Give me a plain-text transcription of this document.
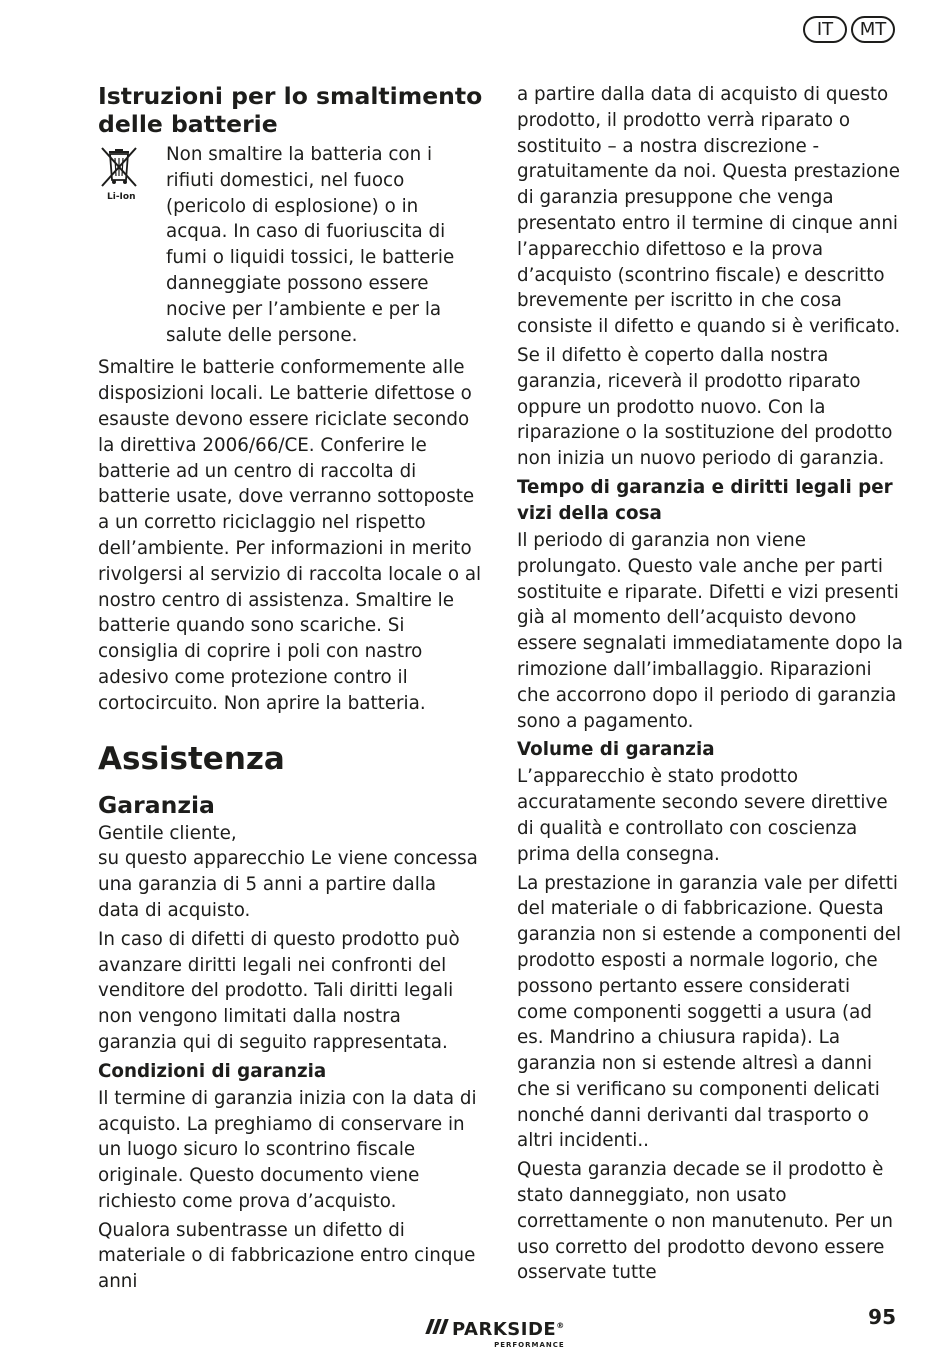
IT	MT
Istruzioni per lo smaltimento delle batterie
Li-Ion

Non smaltire la batteria con i rifiuti domestici, nel fuoco (pericolo di esplosione) o in acqua. In caso di fuoriuscita di fumi o liquidi tossici, le batterie danneggiate possono essere nocive per l’ambiente e per la salute delle persone.

Smaltire le batterie conformemente alle disposizioni locali. Le batterie difettose o esauste devono essere riciclate secondo la direttiva 2006/66/CE. Conferire le batterie ad un centro di raccolta di batterie usate, dove verranno sottoposte a un corretto riciclaggio nel rispetto dell’ambiente. Per informazioni in merito rivolgersi al servizio di raccolta locale o al nostro centro di assistenza. Smaltire le batterie quando sono scariche. Si consiglia di coprire i poli con nastro adesivo come protezione contro il cortocircuito. Non aprire la batteria.

Assistenza
Garanzia

Gentile cliente,
su questo apparecchio Le viene concessa una garanzia di 5 anni a partire dalla data di acquisto.

In caso di difetti di questo prodotto può avanzare diritti legali nei confronti del venditore del prodotto. Tali diritti legali non vengono limitati dalla nostra garanzia qui di seguito rappresentata.

Condizioni di garanzia

Il termine di garanzia inizia con la data di acquisto. La preghiamo di conservare in un luogo sicuro lo scontrino fiscale originale. Questo documento viene richiesto come prova d’acquisto.

Qualora subentrasse un difetto di materiale o di fabbricazione entro cinque anni

a partire dalla data di acquisto di questo prodotto, il prodotto verrà riparato o sostituito – a nostra discrezione - gratuitamente da noi. Questa prestazione di garanzia presuppone che venga presentato entro il termine di cinque anni l’apparecchio difettoso e la prova d’acquisto (scontrino fiscale) e descritto brevemente per iscritto in che cosa consiste il difetto e quando si è verificato.

Se il difetto è coperto dalla nostra garanzia, riceverà il prodotto riparato oppure un prodotto nuovo. Con la riparazione o la sostituzione del prodotto non inizia un nuovo periodo di garanzia.

Tempo di garanzia e diritti legali per vizi della cosa

Il periodo di garanzia non viene prolungato. Questo vale anche per parti sostituite e riparate. Difetti e vizi presenti già al momento dell’acquisto devono essere segnalati immediatamente dopo la rimozione dall’imballaggio. Riparazioni che accorrono dopo il periodo di garanzia sono a pagamento.

Volume di garanzia

L’apparecchio è stato prodotto accuratamente secondo severe direttive di qualità e controllato con coscienza prima della consegna.

La prestazione in garanzia vale per difetti del materiale o di fabbricazione. Questa garanzia non si estende a componenti del prodotto esposti a normale logorio, che possono pertanto essere considerati come componenti soggetti a usura (ad es. Mandrino a chiusura rapida). La garanzia non si estende altresì a danni che si verificano su componenti delicati nonché danni derivanti dal trasporto o altri incidenti..

Questa garanzia decade se il prodotto è stato danneggiato, non usato correttamente o non manutenuto. Per un uso corretto del prodotto devono essere osservate tutte

PARKSIDE®
PERFORMANCE
95
